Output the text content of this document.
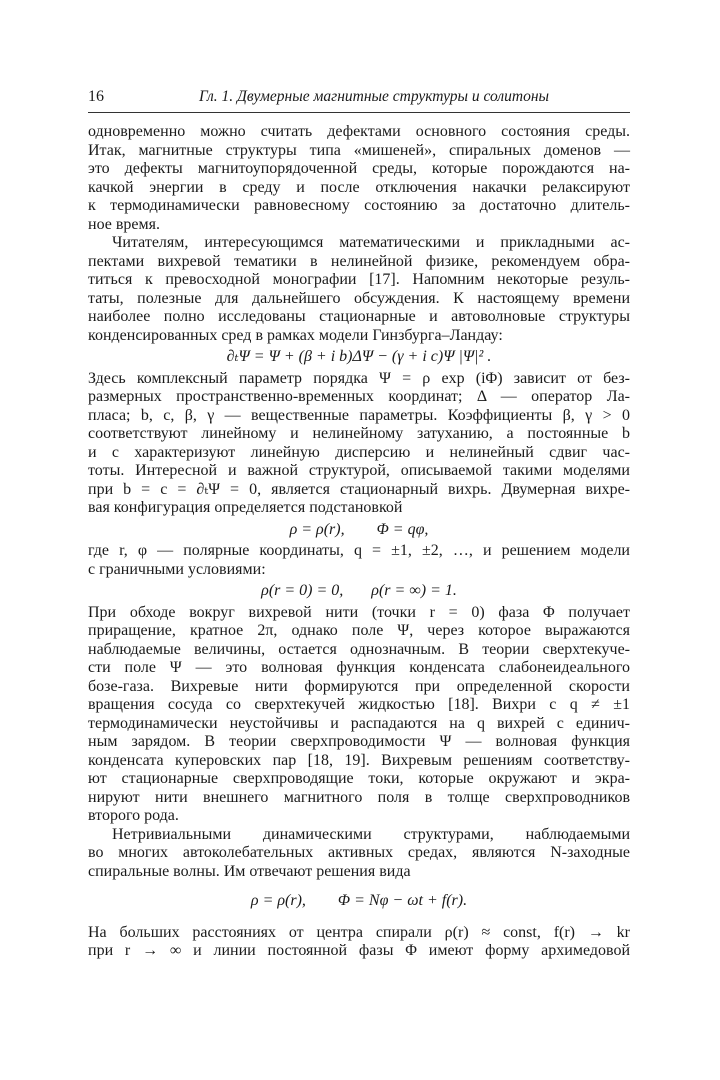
16	Гл. 1. Двумерные магнитные структуры и солитоны
одновременно можно считать дефектами основного состояния среды.
Итак, магнитные структуры типа «мишеней», спиральных доменов —
это дефекты магнитоупорядоченной среды, которые порождаются на-
качкой энергии в среду и после отключения накачки релаксируют
к термодинамически равновесному состоянию за достаточно длитель-
ное время.
Читателям, интересующимся математическими и прикладными ас-
пектами вихревой тематики в нелинейной физике, рекомендуем обра-
титься к превосходной монографии [17]. Напомним некоторые резуль-
таты, полезные для дальнейшего обсуждения. К настоящему времени
наиболее полно исследованы стационарные и автоволновые структуры
конденсированных сред в рамках модели Гинзбурга–Ландау:
∂ₜΨ = Ψ + (β + i b)ΔΨ − (γ + i c)Ψ |Ψ|² .
Здесь комплексный параметр порядка Ψ = ρ exp (iΦ) зависит от без-
размерных пространственно-временных координат; Δ — оператор Ла-
пласа; b, c, β, γ — вещественные параметры. Коэффициенты β, γ > 0
соответствуют линейному и нелинейному затуханию, а постоянные b
и c характеризуют линейную дисперсию и нелинейный сдвиг час-
тоты. Интересной и важной структурой, описываемой такими моделями
при b = c = ∂ₜΨ = 0, является стационарный вихрь. Двумерная вихре-
вая конфигурация определяется подстановкой
ρ = ρ(r),        Φ = qφ,
где r, φ — полярные координаты, q = ±1, ±2, …, и решением модели
с граничными условиями:
ρ(r = 0) = 0,       ρ(r = ∞) = 1.
При обходе вокруг вихревой нити (точки r = 0) фаза Φ получает
приращение, кратное 2π, однако поле Ψ, через которое выражаются
наблюдаемые величины, остается однозначным. В теории сверхтекуче-
сти поле Ψ — это волновая функция конденсата слабонеидеального
бозе-газа. Вихревые нити формируются при определенной скорости
вращения сосуда со сверхтекучей жидкостью [18]. Вихри с q ≠ ±1
термодинамически неустойчивы и распадаются на q вихрей с единич-
ным зарядом. В теории сверхпроводимости Ψ — волновая функция
конденсата куперовских пар [18, 19]. Вихревым решениям соответству-
ют стационарные сверхпроводящие токи, которые окружают и экра-
нируют нити внешнего магнитного поля в толще сверхпроводников
второго рода.
Нетривиальными динамическими структурами, наблюдаемыми
во многих автоколебательных активных средах, являются N-заходные
спиральные волны. Им отвечают решения вида
ρ = ρ(r),        Φ = Nφ − ωt + f(r).
На больших расстояниях от центра спирали ρ(r) ≈ const, f(r) → kr
при r → ∞ и линии постоянной фазы Φ имеют форму архимедовой
